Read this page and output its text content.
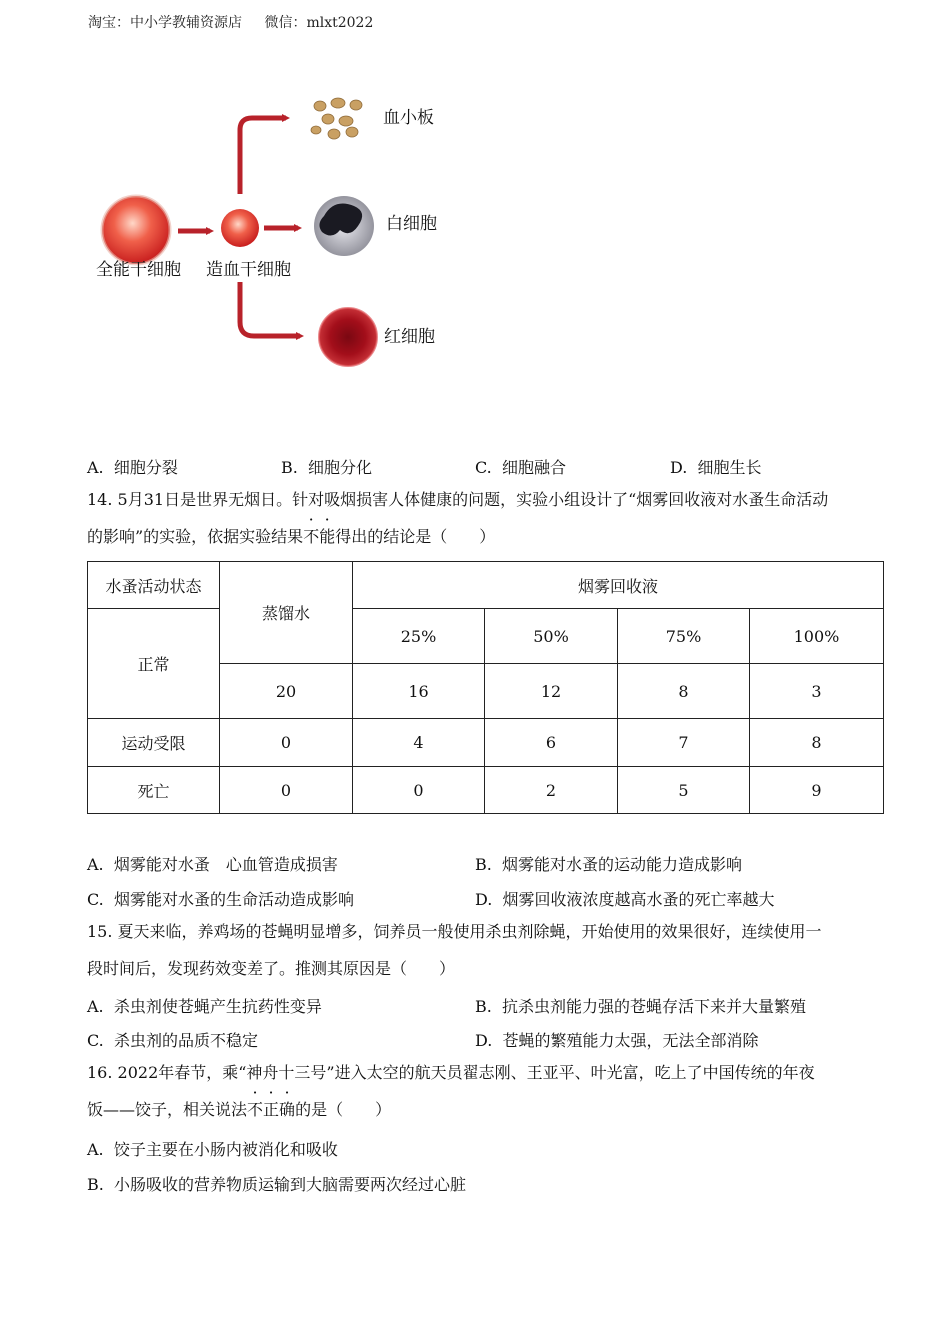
淘宝：中小学教辅资源店 微信：mlxt2022
全能干细胞 造血干细胞
血小板
白细胞
红细胞
A. 细胞分裂	B. 细胞分化	C. 细胞融合	D. 细胞生长
14. 5月31日是世界无烟日。针对吸烟损害人体健康的问题，实验小组设计了“烟雾回收液对水蚤生命活动
的影响”的实验，依据实验结果不能得出的结论是（　　）
水蚤活动状态	蒸馏水	烟雾回收液			
正常		25%	50%	75%	100%
	20	16	12	8	3
运动受限	0	4	6	7	8
死亡	0	0	2	5	9
A. 烟雾能对水蚤　心血管造成损害	B. 烟雾能对水蚤的运动能力造成影响
C. 烟雾能对水蚤的生命活动造成影响	D. 烟雾回收液浓度越高水蚤的死亡率越大
15. 夏天来临，养鸡场的苍蝇明显增多，饲养员一般使用杀虫剂除蝇，开始使用的效果很好，连续使用一
段时间后，发现药效变差了。推测其原因是（　　）
A. 杀虫剂使苍蝇产生抗药性变异	B. 抗杀虫剂能力强的苍蝇存活下来并大量繁殖
C. 杀虫剂的品质不稳定	D. 苍蝇的繁殖能力太强，无法全部消除
16. 2022年春节，乘“神舟十三号”进入太空的航天员翟志刚、王亚平、叶光富，吃上了中国传统的年夜
饭——饺子，相关说法不正确的是（　　）
A. 饺子主要在小肠内被消化和吸收
B. 小肠吸收的营养物质运输到大脑需要两次经过心脏
